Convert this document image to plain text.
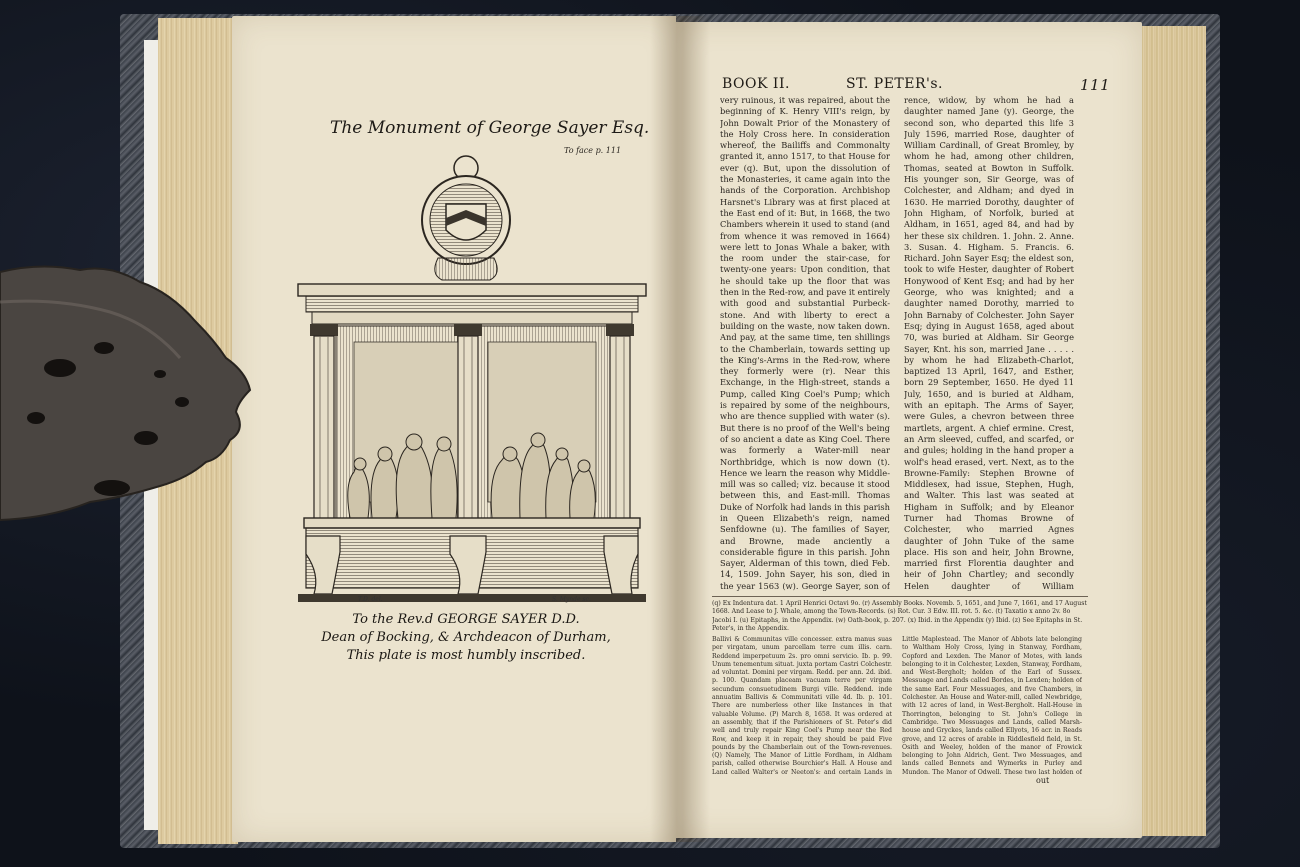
The Monument of George Sayer Esq.
To face p. 111
T.D. del.	S. Mynde sc.
To the Rev.d GEORGE SAYER D.D.
Dean of Bocking, & Archdeacon of Durham,
This plate is most humbly inscribed.
BOOK II.	ST. PETER's.	111
very ruinous, it was repaired, about the beginning of K. Henry VIII's reign, by John Dowalt Prior of the Monastery of the Holy Cross here. In consideration whereof, the Bailiffs and Commonalty granted it, anno 1517, to that House for ever (q). But, upon the dissolution of the Monasteries, it came again into the hands of the Corporation. Archbishop Harsnet's Library was at first placed at the East end of it: But, in 1668, the two Chambers wherein it used to stand (and from whence it was removed in 1664) were lett to Jonas Whale a baker, with the room under the stair-case, for twenty-one years: Upon condition, that he should take up the floor that was then in the Red-row, and pave it entirely with good and substantial Purbeck-stone. And with liberty to erect a building on the waste, now taken down. And pay, at the same time, ten shillings to the Chamberlain, towards setting up the King's-Arms in the Red-row, where they formerly were (r). Near this Exchange, in the High-street, stands a Pump, called King Coel's Pump; which is repaired by some of the neighbours, who are thence supplied with water (s). But there is no proof of the Well's being of so ancient a date as King Coel. There was formerly a Water-mill near Northbridge, which is now down (t). Hence we learn the reason why Middle-mill was so called; viz. because it stood between this, and East-mill. Thomas Duke of Norfolk had lands in this parish in Queen Elizabeth's reign, named Senfdowne (u). The families of Sayer, and Browne, made anciently a considerable figure in this parish. John Sayer, Alderman of this town, died Feb. 14, 1509. John Sayer, his son, died in the year 1563 (w). George Sayer, son of
rence, widow, by whom he had a daughter named Jane (y). George, the second son, who departed this life 3 July 1596, married Rose, daughter of William Cardinall, of Great Bromley, by whom he had, among other children, Thomas, seated at Bowton in Suffolk. His younger son, Sir George, was of Colchester, and Aldham; and dyed in 1630. He married Dorothy, daughter of John Higham, of Norfolk, buried at Aldham, in 1651, aged 84, and had by her these six children. 1. John. 2. Anne. 3. Susan. 4. Higham. 5. Francis. 6. Richard. John Sayer Esq; the eldest son, took to wife Hester, daughter of Robert Honywood of Kent Esq; and had by her George, who was knighted; and a daughter named Dorothy, married to John Barnaby of Colchester. John Sayer Esq; dying in August 1658, aged about 70, was buried at Aldham. Sir George Sayer, Knt. his son, married Jane . . . . . by whom he had Elizabeth-Charlot, baptized 13 April, 1647, and Esther, born 29 September, 1650. He dyed 11 July, 1650, and is buried at Aldham, with an epitaph. The Arms of Sayer, were Gules, a chevron between three martlets, argent. A chief ermine. Crest, an Arm sleeved, cuffed, and scarfed, or and gules; holding in the hand proper a wolf's head erased, vert. Next, as to the Browne-Family: Stephen Browne of Middlesex, had issue, Stephen, Hugh, and Walter. This last was seated at Higham in Suffolk; and by Eleanor Turner had Thomas Browne of Colchester, who married Agnes daughter of John Tuke of the same place. His son and heir, John Browne, married first Florentia daughter and heir of John Chartley; and secondly Helen daughter of William
(q) Ex Indentura dat. 1 April Henrici Octavi 9o. (r) Assembly Books. Novemb. 5, 1651, and June 7, 1661, and 17 August 1668. And Lease to J. Whale, among the Town-Records. (s) Rot. Cur. 3 Edw. III. rot. 5. &c. (t) Taxatio x anno 2v. 8o Jacobi I. (u) Epitaphs, in the Appendix. (w) Oath-book, p. 207. (x) Ibid. in the Appendix (y) Ibid. (z) See Epitaphs in St. Peter's, in the Appendix.
Ballivi & Communitas ville concesser. extra manus suas per virgatam, unum parcellam terre cum illis. carn. Reddend imperpetuum 2s. pro omni servicio. Ib. p. 99. Unum tenementum situat. juxta portam Castri Colchestr. ad voluntat. Domini per virgam. Redd. per ann. 2d. ibid. p. 100. Quandam placeam vacuam terre per virgam secundum consuetudinem Burgi ville. Reddend. inde annuatim Ballivis & Communitati ville 4d. Ib. p. 101. There are numberless other like Instances in that valuable Volume. (P) March 8, 1658. It was ordered at an assembly, that if the Parishioners of St. Peter's did well and truly repair King Coel's Pump near the Red Row, and keep it in repair, they should be paid Five pounds by the Chamberlain out of the Town-revenues. (Q) Namely, The Manor of Little Fordham, in Aldham parish, called otherwise Bourchier's Hall. A House and Land called Walter's or Neeton's; and certain Lands in
Little Maplestead. The Manor of Abbots late belonging to Waltham Holy Cross, lying in Stanway, Fordham, Copford and Lexden. The Manor of Motes, with lands belonging to it in Colchester, Lexden, Stanway, Fordham, and West-Bergholt; holden of the Earl of Sussex. Messuage and Lands called Bordes, in Lexden; holden of the same Earl. Four Messuages, and five Chambers, in Colchester. An House and Water-mill, called Newbridge, with 12 acres of land, in West-Bergholt. Hall-House in Thorrington, belonging to St. John's College in Cambridge. Two Messuages and Lands, called Marsh-house and Gryckes, lands called Ellyots, 16 acr. in Reads grove, and 12 acres of arable in Riddlesfield field, in St. Osith and Weeley, holden of the manor of Frowick belonging to John Aldrich, Gent. Two Messuages, and lands called Bennets and Wymerks in Purley and Mundon. The Manor of Odwell. These two last holden of
out
